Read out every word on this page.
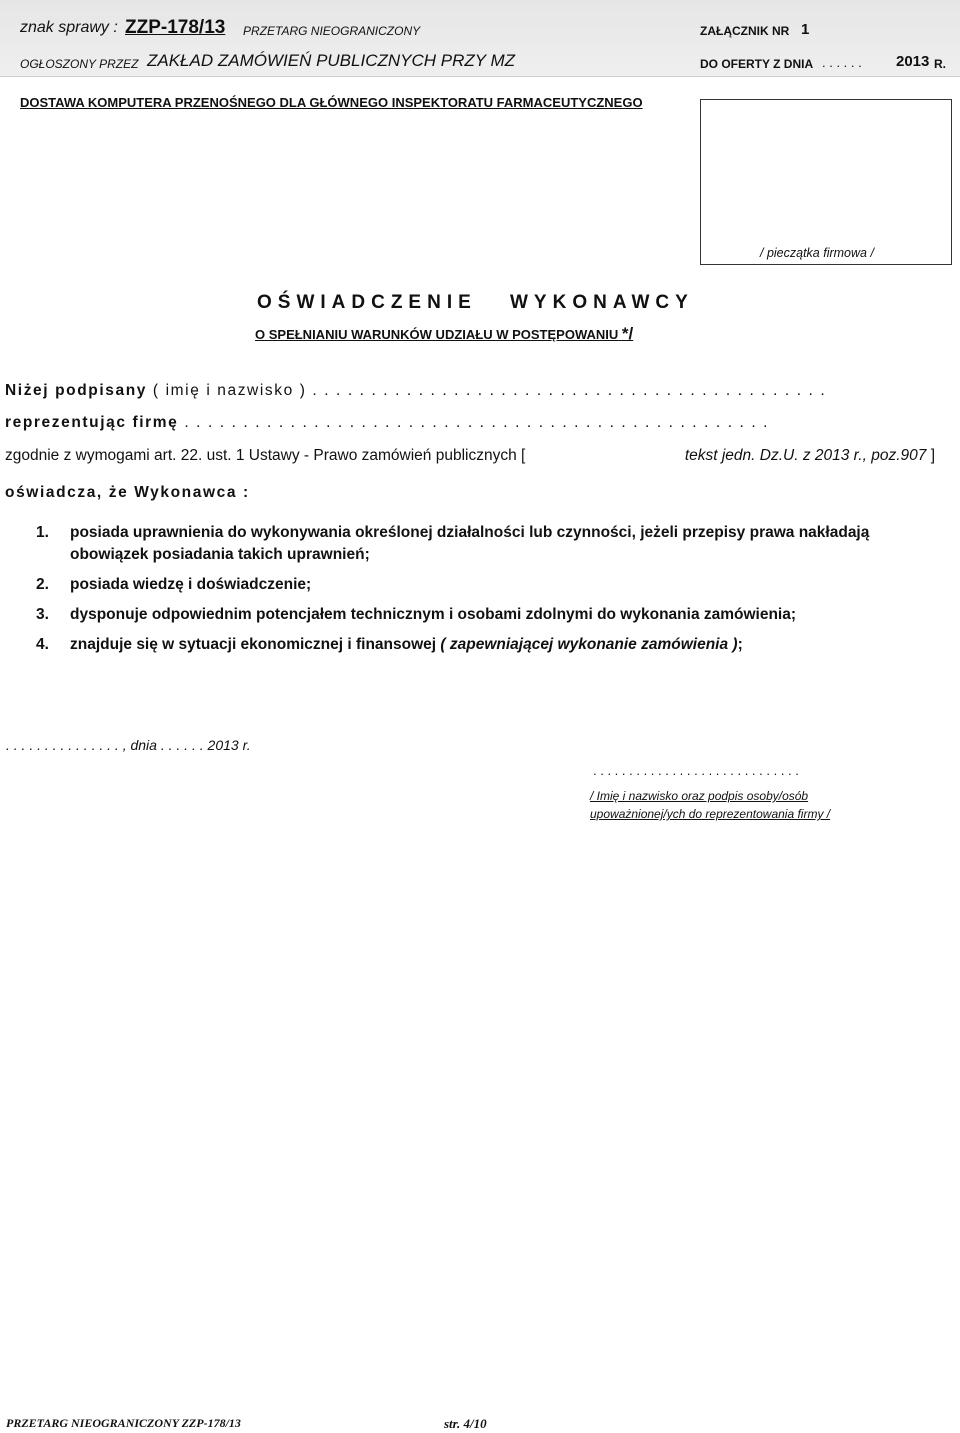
znak sprawy : ZZP-178/13 PRZETARG NIEOGRANICZONY	ZAŁĄCZNIK NR 1
OGŁOSZONY PRZEZ ZAKŁAD ZAMÓWIEŃ PUBLICZNYCH PRZY MZ	DO OFERTY Z DNIA . . . . . . 2013 R.
DOSTAWA KOMPUTERA PRZENOŚNEGO DLA GŁÓWNEGO INSPEKTORATU FARMACEUTYCZNEGO
/ pieczątka firmowa /
OŚWIADCZENIE WYKONAWCY
O SPEŁNIANIU WARUNKÓW UDZIAŁU W POSTĘPOWANIU */
Niżej podpisany ( imię i nazwisko ) . . . . . . . . . . . . . . . . . . . . . . . . . . . . . . . . . . . . . . . . . . . .
reprezentując firmę . . . . . . . . . . . . . . . . . . . . . . . . . . . . . . . . . . . . . . . . . . . . . . . . . .
zgodnie z wymogami art. 22. ust. 1 Ustawy - Prawo zamówień publicznych [	tekst jedn. Dz.U. z 2013 r., poz.907 ]
oświadcza, że Wykonawca :
1.	posiada uprawnienia do wykonywania określonej działalności lub czynności, jeżeli przepisy prawa nakładają obowiązek posiadania takich uprawnień;
2.	posiada wiedzę i doświadczenie;
3.	dysponuje odpowiednim potencjałem technicznym i osobami zdolnymi do wykonania zamówienia;
4.	znajduje się w sytuacji ekonomicznej i finansowej ( zapewniającej wykonanie zamówienia );
. . . . . . . . . . . . . . . , dnia . . . . . . 2013 r.
. . . . . . . . . . . . . . . . . . . . . . . . . . . . .
/ Imię i nazwisko oraz podpis osoby/osób
upoważnionej/ych do reprezentowania firmy /
PRZETARG NIEOGRANICZONY ZZP-178/13	str. 4/10
